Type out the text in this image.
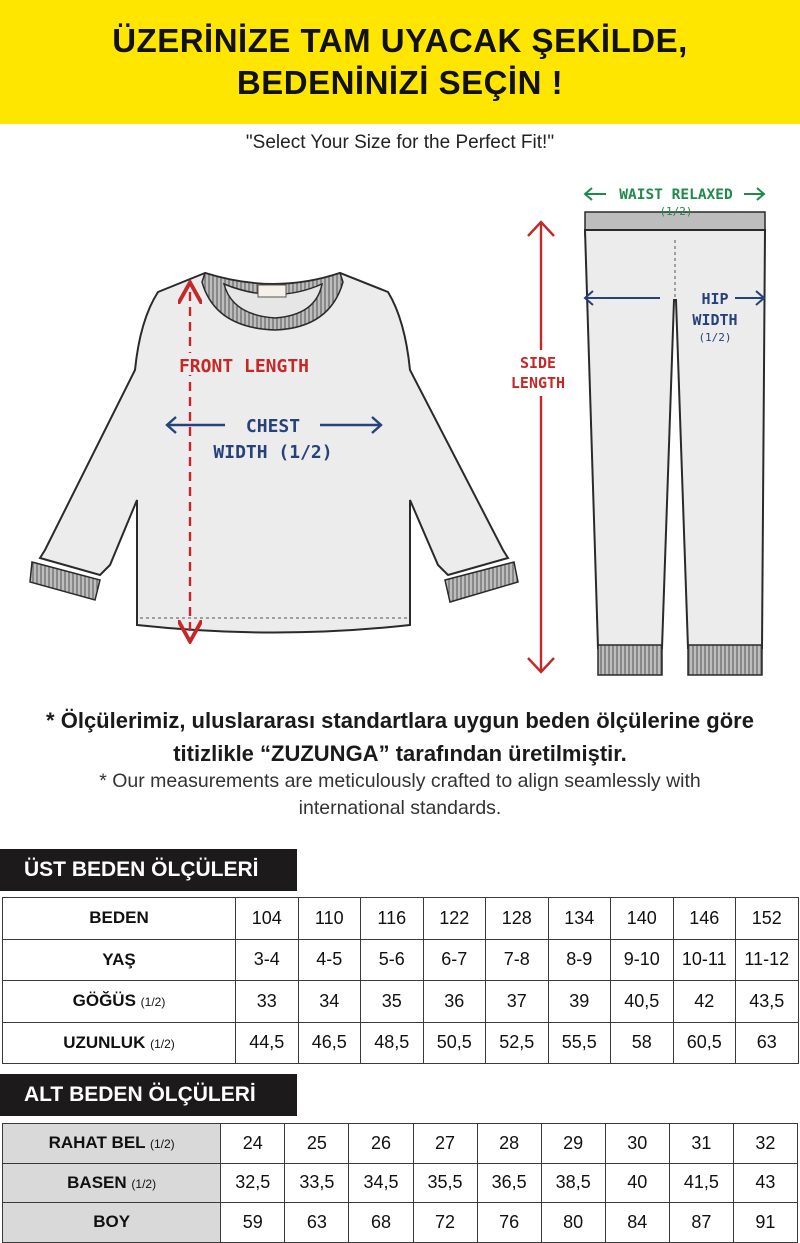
ÜZERİNİZE TAM UYACAK ŞEKİLDE,
BEDENİNİZİ SEÇİN !
"Select Your Size for the Perfect Fit!"
FRONT LENGTH
CHEST
WIDTH (1/2)
SIDE
LENGTH
WAIST RELAXED
(1/2)
HIP
WIDTH
(1/2)
* Ölçülerimiz, uluslararası standartlara uygun beden ölçülerine göre
titizlikle “ZUZUNGA” tarafından üretilmiştir.
* Our measurements are meticulously crafted to align seamlessly with
international standards.
ÜST BEDEN ÖLÇÜLERİ
BEDEN	104	110	116	122	128	134	140	146	152
YAŞ	3-4	4-5	5-6	6-7	7-8	8-9	9-10	10-11	11-12
GÖĞÜS (1/2)	33	34	35	36	37	39	40,5	42	43,5
UZUNLUK (1/2)	44,5	46,5	48,5	50,5	52,5	55,5	58	60,5	63
ALT BEDEN ÖLÇÜLERİ
RAHAT BEL (1/2)	24	25	26	27	28	29	30	31	32
BASEN (1/2)	32,5	33,5	34,5	35,5	36,5	38,5	40	41,5	43
BOY	59	63	68	72	76	80	84	87	91
